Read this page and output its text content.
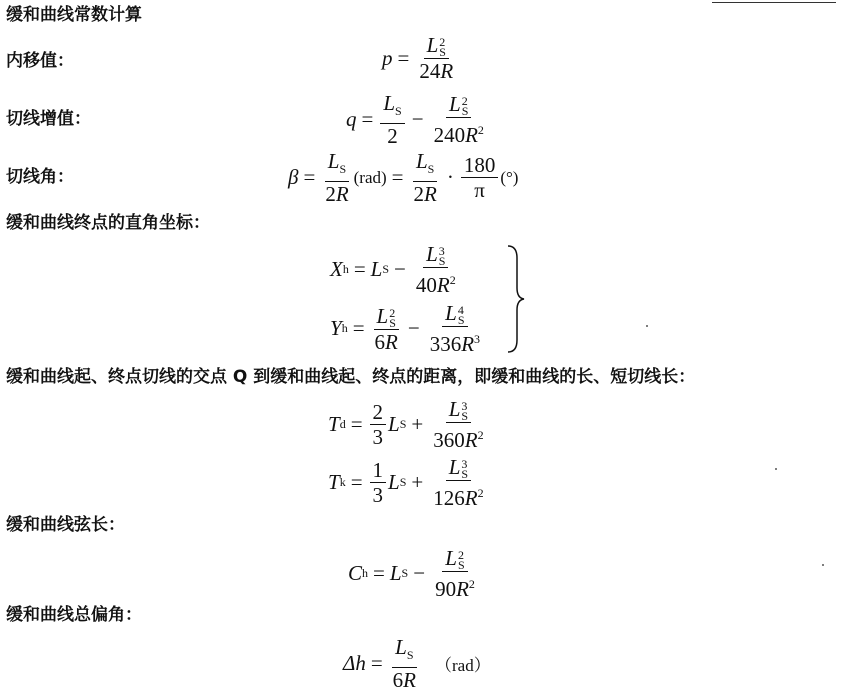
缓和曲线常数计算
内移值：	p = L 2
S
24R
切线增值：	$q = \frac{L_S}{2} - L$ 2
S
$240R^2$
切线角：	$\beta = \frac{L_S}{2R} (rad) = \frac{L_S}{2R} \cdot \frac{180}{\pi}$ (°)
缓和曲线终点的直角坐标：
X h = L S − L 3
S
$40R^2$
Y h = L 2
S
6R − L 4
S
$336R^3$
缓和曲线起、终点切线的交点 Q 到缓和曲线起、终点的距离，即缓和曲线的长、短切线长：
T $d = \frac{2}{3}$ L S + L 3
S
$360R^2$
T $k = \frac{1}{3}$ L S + L 3
S
$126R^2$
缓和曲线弦长：
C h = L S − L 2
S
$90R^2$
缓和曲线总偏角：
$\Delta h = \frac{L_S}{6R} (rad)$
